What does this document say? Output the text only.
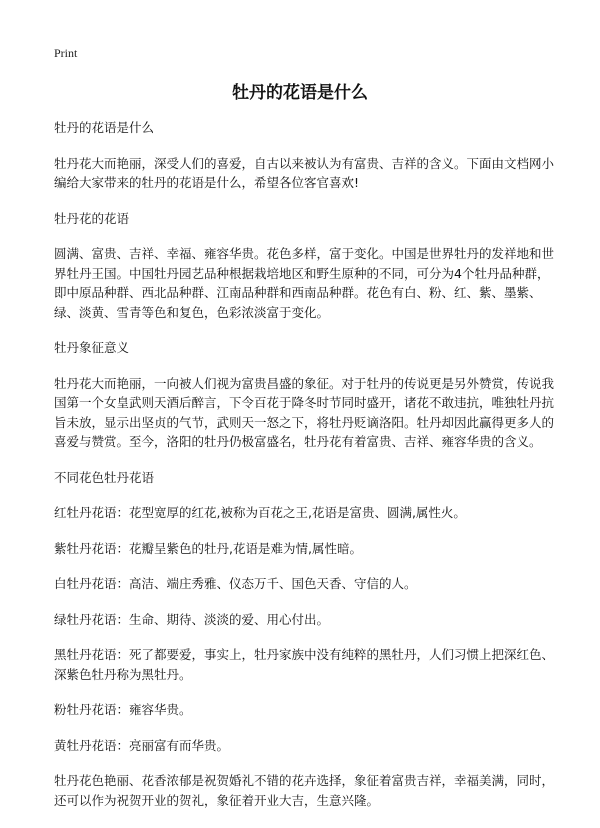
Print
牡丹的花语是什么

牡丹的花语是什么

牡丹花大而艳丽，深受人们的喜爱，自古以来被认为有富贵、吉祥的含义。下面由文档网小编给大家带来的牡丹的花语是什么，希望各位客官喜欢!

牡丹花的花语

圆满、富贵、吉祥、幸福、雍容华贵。花色多样，富于变化。中国是世界牡丹的发祥地和世界牡丹王国。中国牡丹园艺品种根据栽培地区和野生原种的不同，可分为4个牡丹品种群，即中原品种群、西北品种群、江南品种群和西南品种群。花色有白、粉、红、紫、墨紫、绿、淡黄、雪青等色和复色，色彩浓淡富于变化。

牡丹象征意义

牡丹花大而艳丽，一向被人们视为富贵昌盛的象征。对于牡丹的传说更是另外赞赏，传说我国第一个女皇武则天酒后醉言，下令百花于降冬时节同时盛开，诸花不敢违抗，唯独牡丹抗旨未放，显示出坚贞的气节，武则天一怒之下，将牡丹贬谪洛阳。牡丹却因此赢得更多人的喜爱与赞赏。至今，洛阳的牡丹仍极富盛名，牡丹花有着富贵、吉祥、雍容华贵的含义。

不同花色牡丹花语

红牡丹花语：花型宽厚的红花,被称为百花之王,花语是富贵、圆满,属性火。

紫牡丹花语：花瓣呈紫色的牡丹,花语是难为情,属性暗。

白牡丹花语：高洁、端庄秀雅、仪态万千、国色天香、守信的人。

绿牡丹花语：生命、期待、淡淡的爱、用心付出。

黑牡丹花语：死了都要爱，事实上，牡丹家族中没有纯粹的黑牡丹，人们习惯上把深红色、深紫色牡丹称为黑牡丹。

粉牡丹花语：雍容华贵。

黄牡丹花语：亮丽富有而华贵。

牡丹花色艳丽、花香浓郁是祝贺婚礼不错的花卉选择，象征着富贵吉祥，幸福美满，同时，还可以作为祝贺开业的贺礼，象征着开业大吉，生意兴隆。
